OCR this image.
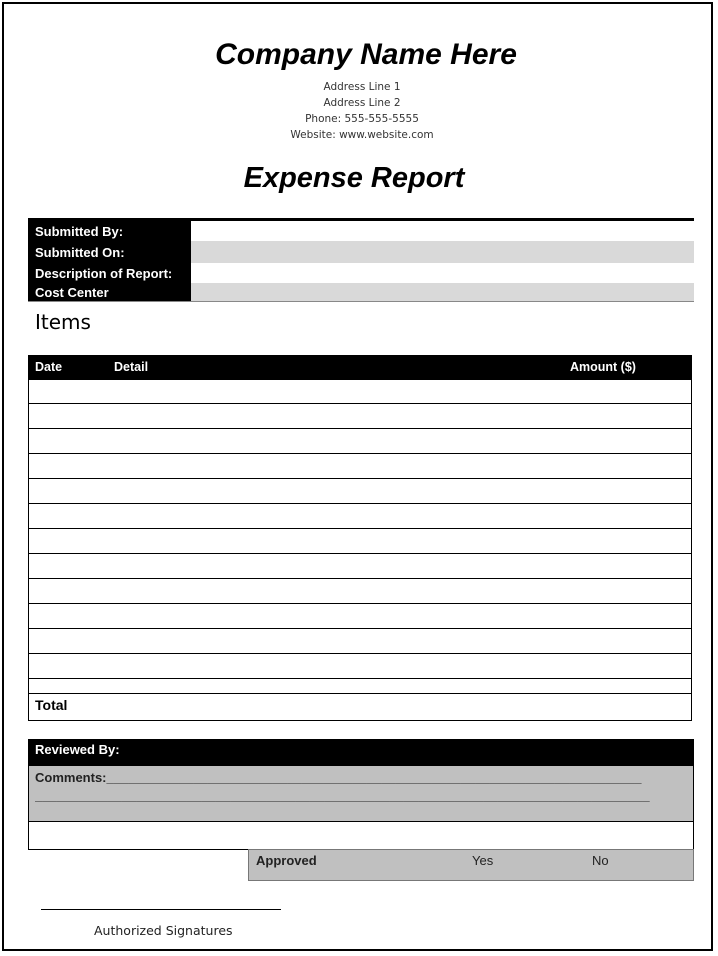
Company Name Here
Address Line 1
Address Line 2
Phone: 555-555-5555
Website: www.website.com
Expense Report
Submitted By:
Submitted On:
Description of Report:
Cost Center
Items
Date	Detail	Amount ($)
Total
Reviewed By:
Comments:__________________________________________________________________________
_____________________________________________________________________________________
Approved	Yes	No
Authorized Signatures
